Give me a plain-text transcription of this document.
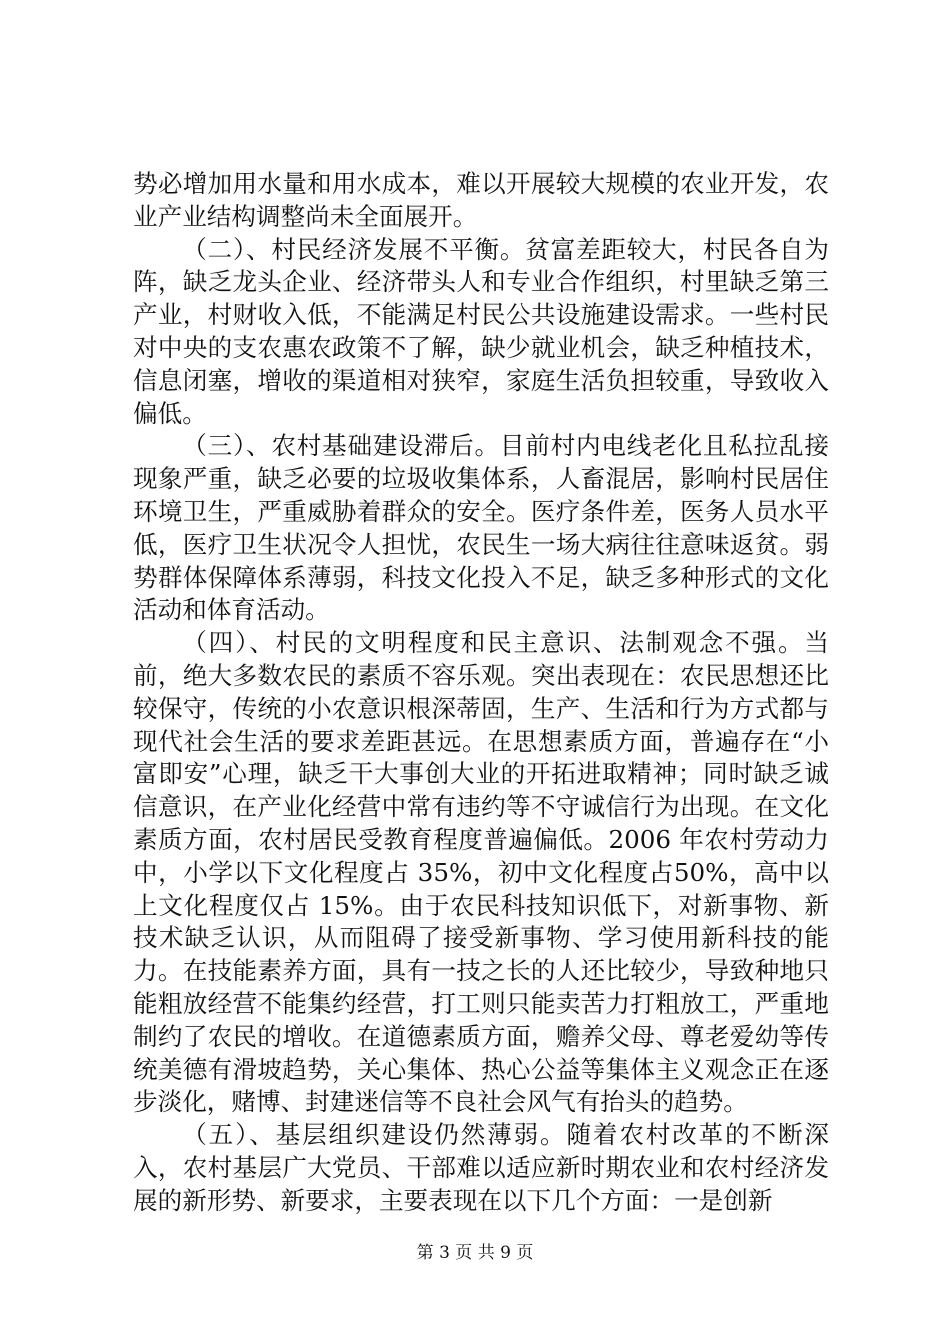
势必增加用水量和用水成本，难以开展较大规模的农业开发，农业产业结构调整尚未全面展开。

（二）、村民经济发展不平衡。贫富差距较大，村民各自为阵，缺乏龙头企业、经济带头人和专业合作组织，村里缺乏第三产业，村财收入低，不能满足村民公共设施建设需求。一些村民对中央的支农惠农政策不了解，缺少就业机会，缺乏种植技术，信息闭塞，增收的渠道相对狭窄，家庭生活负担较重，导致收入偏低。

（三）、农村基础建设滞后。目前村内电线老化且私拉乱接现象严重，缺乏必要的垃圾收集体系，人畜混居，影响村民居住环境卫生，严重威胁着群众的安全。医疗条件差，医务人员水平低，医疗卫生状况令人担忧，农民生一场大病往往意味返贫。弱势群体保障体系薄弱，科技文化投入不足，缺乏多种形式的文化活动和体育活动。

（四）、村民的文明程度和民主意识、法制观念不强。当前，绝大多数农民的素质不容乐观。突出表现在：农民思想还比较保守，传统的小农意识根深蒂固，生产、生活和行为方式都与现代社会生活的要求差距甚远。在思想素质方面，普遍存在“小富即安”心理，缺乏干大事创大业的开拓进取精神；同时缺乏诚信意识，在产业化经营中常有违约等不守诚信行为出现。在文化素质方面，农村居民受教育程度普遍偏低。2006 年农村劳动力中，小学以下文化程度占 35%，初中文化程度占50%，高中以上文化程度仅占 15%。由于农民科技知识低下，对新事物、新技术缺乏认识，从而阻碍了接受新事物、学习使用新科技的能力。在技能素养方面，具有一技之长的人还比较少，导致种地只能粗放经营不能集约经营，打工则只能卖苦力打粗放工，严重地制约了农民的增收。在道德素质方面，赡养父母、尊老爱幼等传统美德有滑坡趋势，关心集体、热心公益等集体主义观念正在逐步淡化，赌博、封建迷信等不良社会风气有抬头的趋势。

（五）、基层组织建设仍然薄弱。随着农村改革的不断深入，农村基层广大党员、干部难以适应新时期农业和农村经济发展的新形势、新要求，主要表现在以下几个方面：一是创新

第 3 页 共 9 页
